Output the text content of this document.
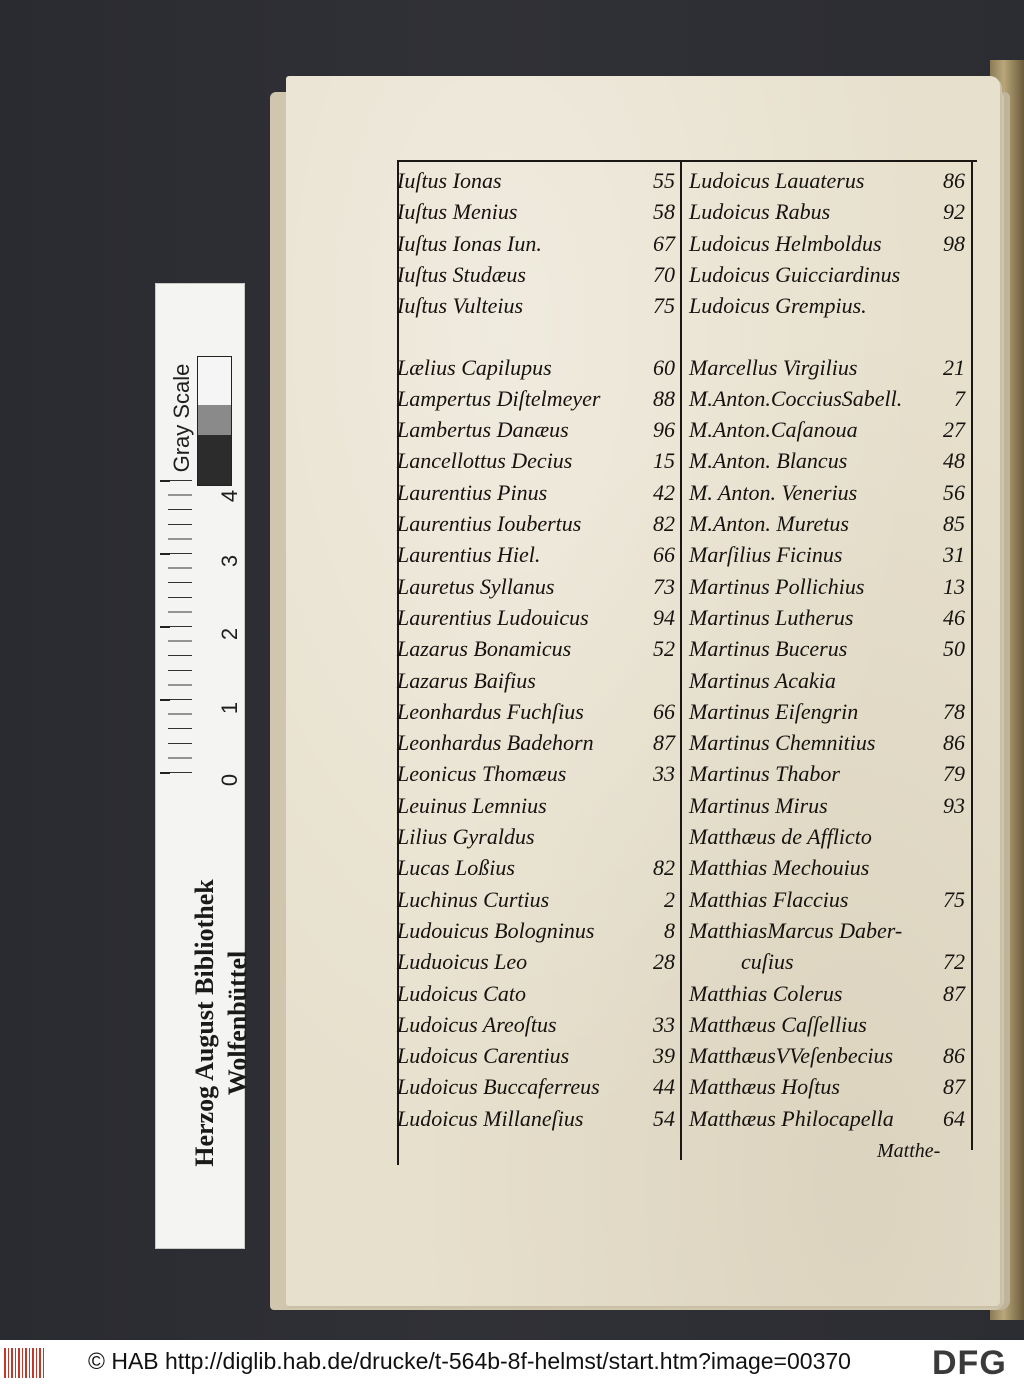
Iuſtus Ionas	55
Iuſtus Menius	58
Iuſtus Ionas Iun.	67
Iuſtus Studæus	70
Iuſtus Vulteius	75
Lælius Capilupus	60
Lampertus Diſtelmeyer 88
Lambertus Danæus	96
Lancellottus Decius	15
Laurentius Pinus	42
Laurentius Ioubertus	82
Laurentius Hiel.	66
Lauretus Syllanus	73
Laurentius Ludouicus	94
Lazarus Bonamicus	52
Lazarus Baifius
Leonhardus Fuchſius	66
Leonhardus Badehorn	87
Leonicus Thomæus	33
Leuinus Lemnius
Lilius Gyraldus
Lucas Loßius	82
Luchinus Curtius	2
Ludouicus Bologninus	8
Luduoicus Leo	28
Ludoicus Cato
Ludoicus Areoſtus	33
Ludoicus Carentius	39
Ludoicus Buccaferreus 44
Ludoicus Millaneſius	54
Ludoicus Lauaterus	86
Ludoicus Rabus	92
Ludoicus Helmboldus	98
Ludoicus Guicciardinus
Ludoicus Grempius.
Marcellus Virgilius	21
M.Anton.CocciusSabell. 7
M.Anton.Caſanoua	27
M.Anton. Blancus	48
M. Anton. Venerius	56
M.Anton. Muretus	85
Marſilius Ficinus	31
Martinus Pollichius	13
Martinus Lutherus	46
Martinus Bucerus	50
Martinus Acakia
Martinus Eiſengrin	78
Martinus Chemnitius	86
Martinus Thabor	79
Martinus Mirus	93
Matthæus de Afflicto
Matthias Mechouius
Matthias Flaccius	75
MatthiasMarcus Daber-
cuſius	72
Matthias Colerus	87
Matthæus Caſſellius
MatthæusVVeſenbecius 86
Matthæus Hoſtus	87
Matthæus Philocapella 64
Matthe-
Gray Scale
4
3
2
1
0
Herzog August Bibliothek Wolfenbüttel
© HAB http://diglib.hab.de/drucke/t-564b-8f-helmst/start.htm?image=00370 DFG
